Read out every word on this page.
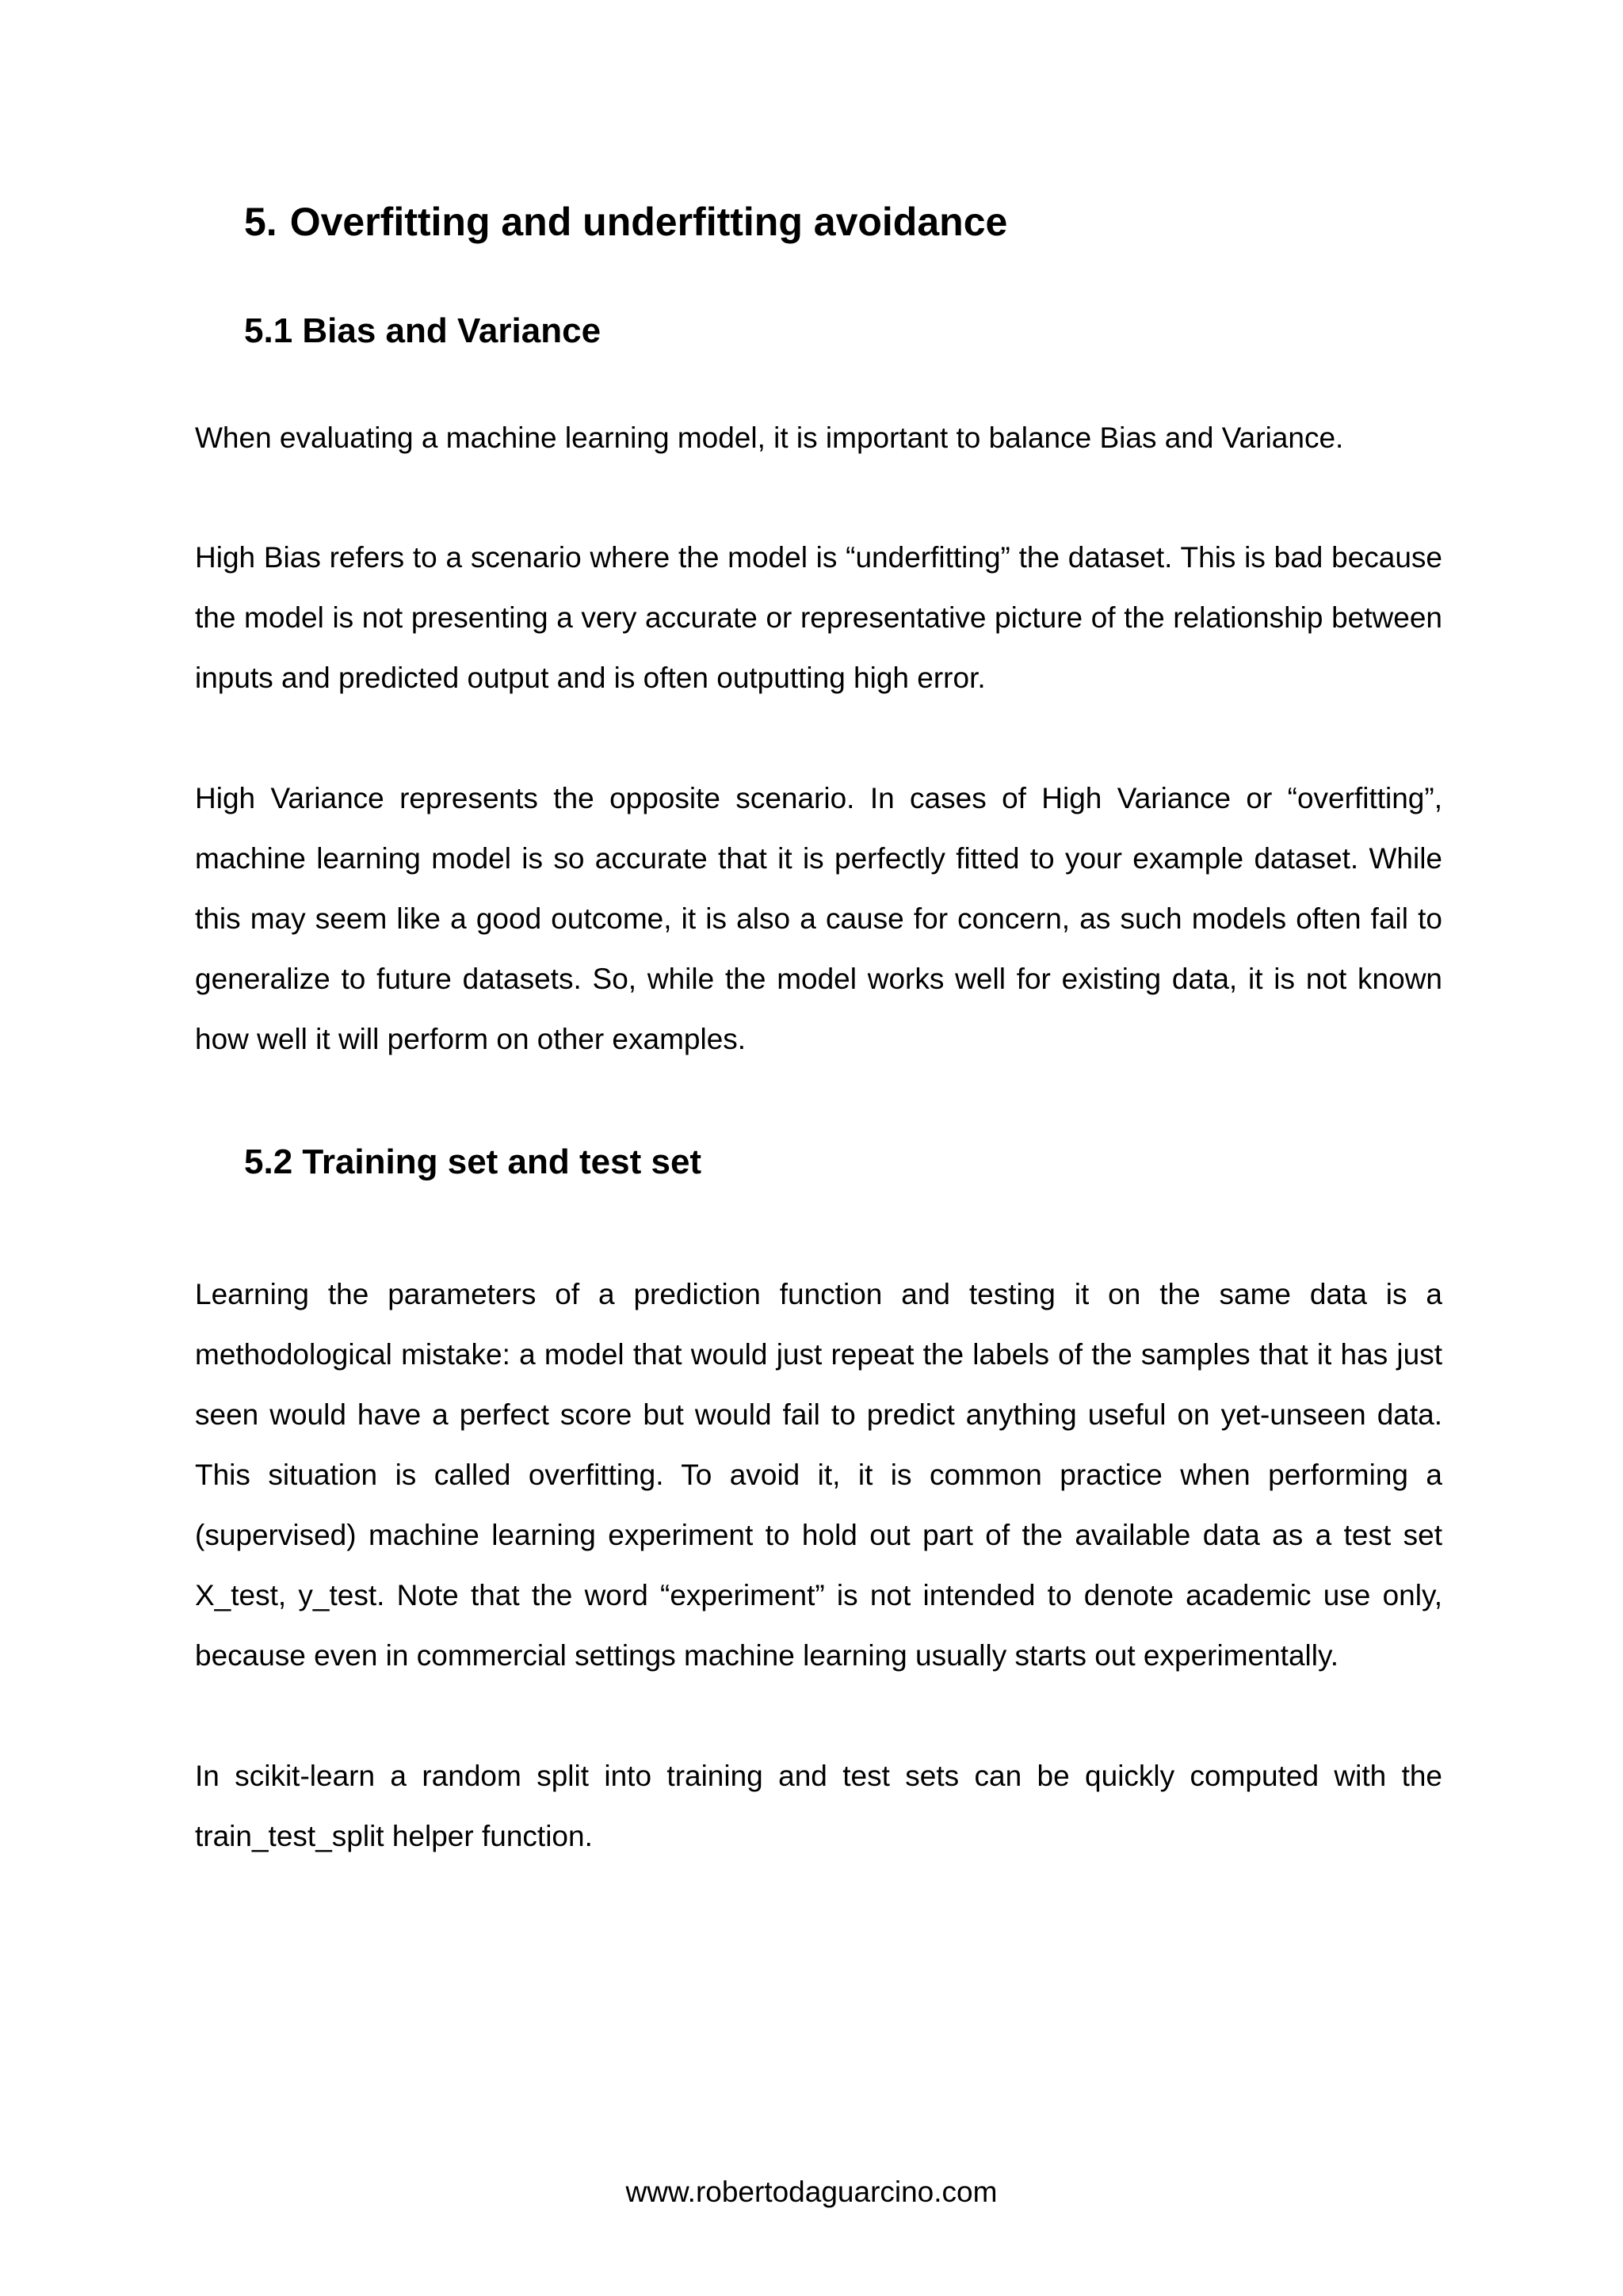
5. Overfitting and underfitting avoidance
5.1 Bias and Variance

When evaluating a machine learning model, it is important to balance Bias and Variance.

High Bias refers to a scenario where the model is “underfitting” the dataset. This is bad because the model is not presenting a very accurate or representative picture of the relationship between inputs and predicted output and is often outputting high error.

High Variance represents the opposite scenario. In cases of High Variance or “overfitting”, machine learning model is so accurate that it is perfectly fitted to your example dataset. While this may seem like a good outcome, it is also a cause for concern, as such models often fail to generalize to future datasets. So, while the model works well for existing data, it is not known how well it will perform on other examples.

5.2 Training set and test set

Learning the parameters of a prediction function and testing it on the same data is a methodological mistake: a model that would just repeat the labels of the samples that it has just seen would have a perfect score but would fail to predict anything useful on yet-unseen data. This situation is called overfitting. To avoid it, it is common practice when performing a (supervised) machine learning experiment to hold out part of the available data as a test set X_test, y_test. Note that the word “experiment” is not intended to denote academic use only, because even in commercial settings machine learning usually starts out experimentally.

In scikit-learn a random split into training and test sets can be quickly computed with the train_test_split helper function.

www.robertodaguarcino.com
